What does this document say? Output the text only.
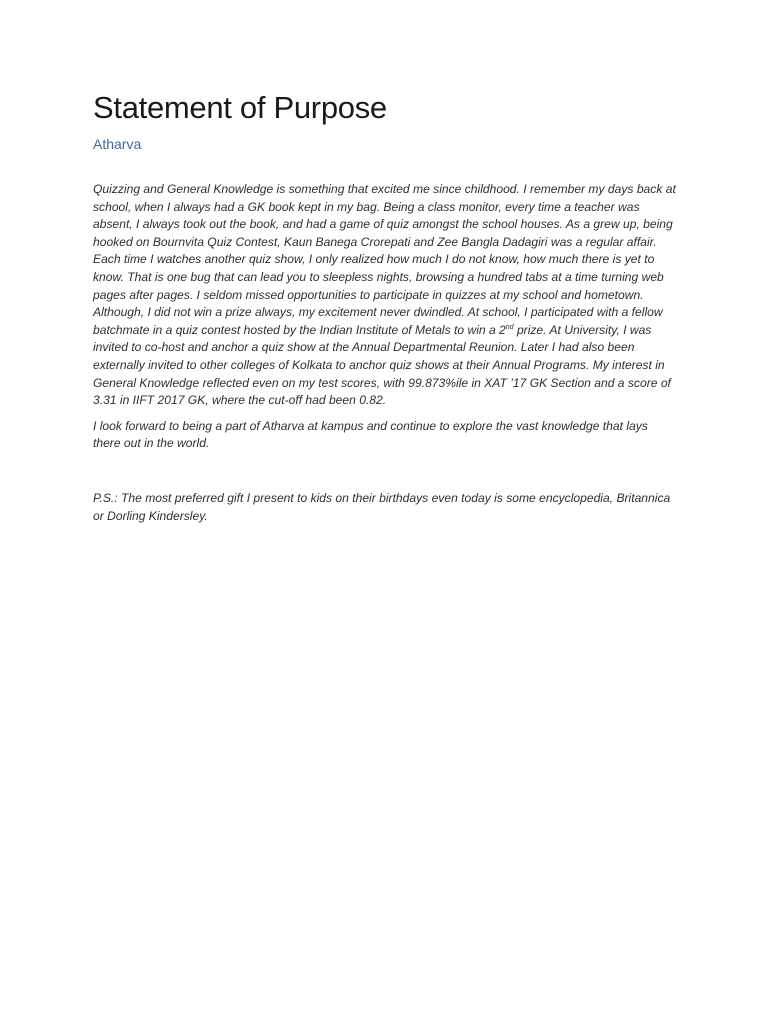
Statement of Purpose
Atharva

Quizzing and General Knowledge is something that excited me since childhood. I remember my days back at school, when I always had a GK book kept in my bag. Being a class monitor, every time a teacher was absent, I always took out the book, and had a game of quiz amongst the school houses. As a grew up, being hooked on Bournvita Quiz Contest, Kaun Banega Crorepati and Zee Bangla Dadagiri was a regular affair. Each time I watches another quiz show, I only realized how much I do not know, how much there is yet to know. That is one bug that can lead you to sleepless nights, browsing a hundred tabs at a time turning web pages after pages. I seldom missed opportunities to participate in quizzes at my school and hometown. Although, I did not win a prize always, my excitement never dwindled. At school, I participated with a fellow batchmate in a quiz contest hosted by the Indian Institute of Metals to win a 2nd prize. At University, I was invited to co-host and anchor a quiz show at the Annual Departmental Reunion. Later I had also been externally invited to other colleges of Kolkata to anchor quiz shows at their Annual Programs. My interest in General Knowledge reflected even on my test scores, with 99.873%ile in XAT ’17 GK Section and a score of 3.31 in IIFT 2017 GK, where the cut-off had been 0.82.

I look forward to being a part of Atharva at kampus and continue to explore the vast knowledge that lays there out in the world.

P.S.: The most preferred gift I present to kids on their birthdays even today is some encyclopedia, Britannica or Dorling Kindersley.
